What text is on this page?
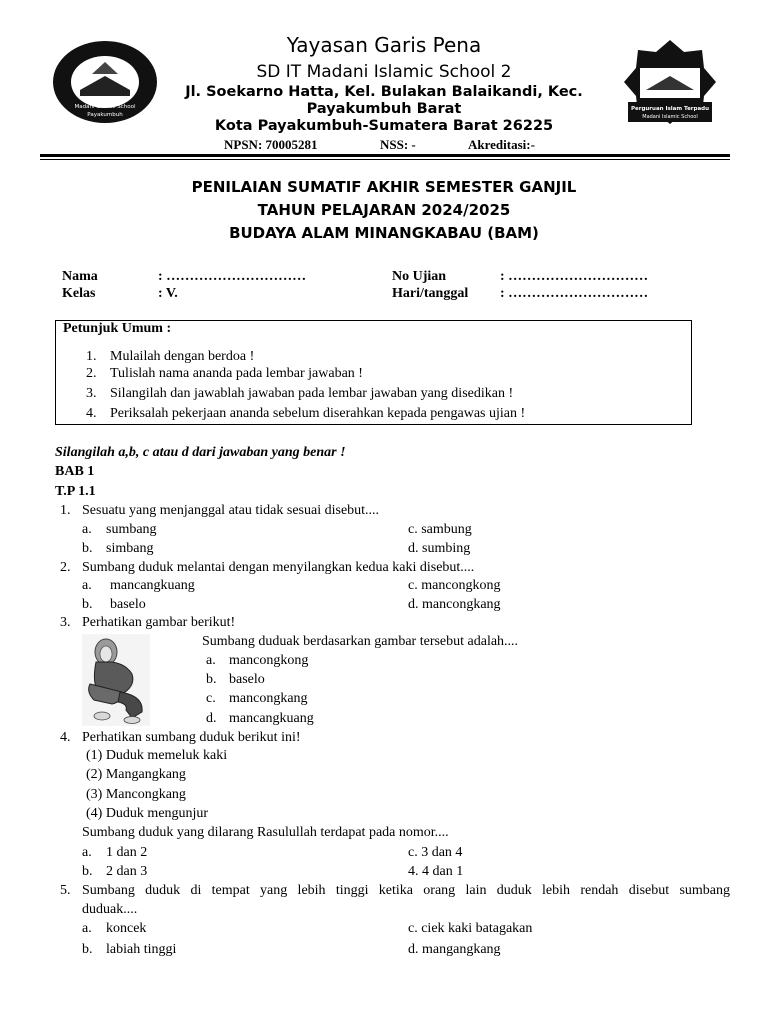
Madani Islamic School
Payakumbuh
Perguruan Islam Terpadu
Madani Islamic School
Yayasan Garis Pena
SD IT Madani Islamic School 2
Jl. Soekarno Hatta, Kel. Bulakan Balaikandi, Kec.
Payakumbuh Barat
Kota Payakumbuh-Sumatera Barat 26225
NPSN: 70005281	NSS: -	Akreditasi:-
PENILAIAN SUMATIF AKHIR SEMESTER GANJIL
TAHUN PELAJARAN 2024/2025
BUDAYA ALAM MINANGKABAU (BAM)
Nama	: …………………………
Kelas	: V.
No Ujian	: …………………………
Hari/tanggal : …………………………
Petunjuk Umum :
1. Mulailah dengan berdoa !
2. Tulislah nama ananda pada lembar jawaban !
3. Silangilah dan jawablah jawaban pada lembar jawaban yang disedikan !
4. Periksalah pekerjaan ananda sebelum diserahkan kepada pengawas ujian !
Silangilah a,b, c atau d dari jawaban yang benar !
BAB 1
T.P 1.1
1. Sesuatu yang menjanggal atau tidak sesuai disebut....
a. sumbang	c. sambung
b. simbang	d. sumbing
2. Sumbang duduk melantai dengan menyilangkan kedua kaki disebut....
a. mancangkuang	c. mancongkong
b. baselo	d. mancongkang
3. Perhatikan gambar berikut!
Sumbang duduak berdasarkan gambar tersebut adalah....
a. mancongkong
b. baselo
c. mancongkang
d. mancangkuang
4. Perhatikan sumbang duduk berikut ini!
(1) Duduk memeluk kaki
(2) Mangangkang
(3) Mancongkang
(4) Duduk mengunjur
Sumbang duduk yang dilarang Rasulullah terdapat pada nomor....
a. 1 dan 2	c. 3 dan 4
b. 2 dan 3	4. 4 dan 1
5. Sumbang duduk di tempat yang lebih tinggi ketika orang lain duduk lebih rendah disebut sumbang
duduak....
a. koncek	c. ciek kaki batagakan
b. labiah tinggi	d. mangangkang
